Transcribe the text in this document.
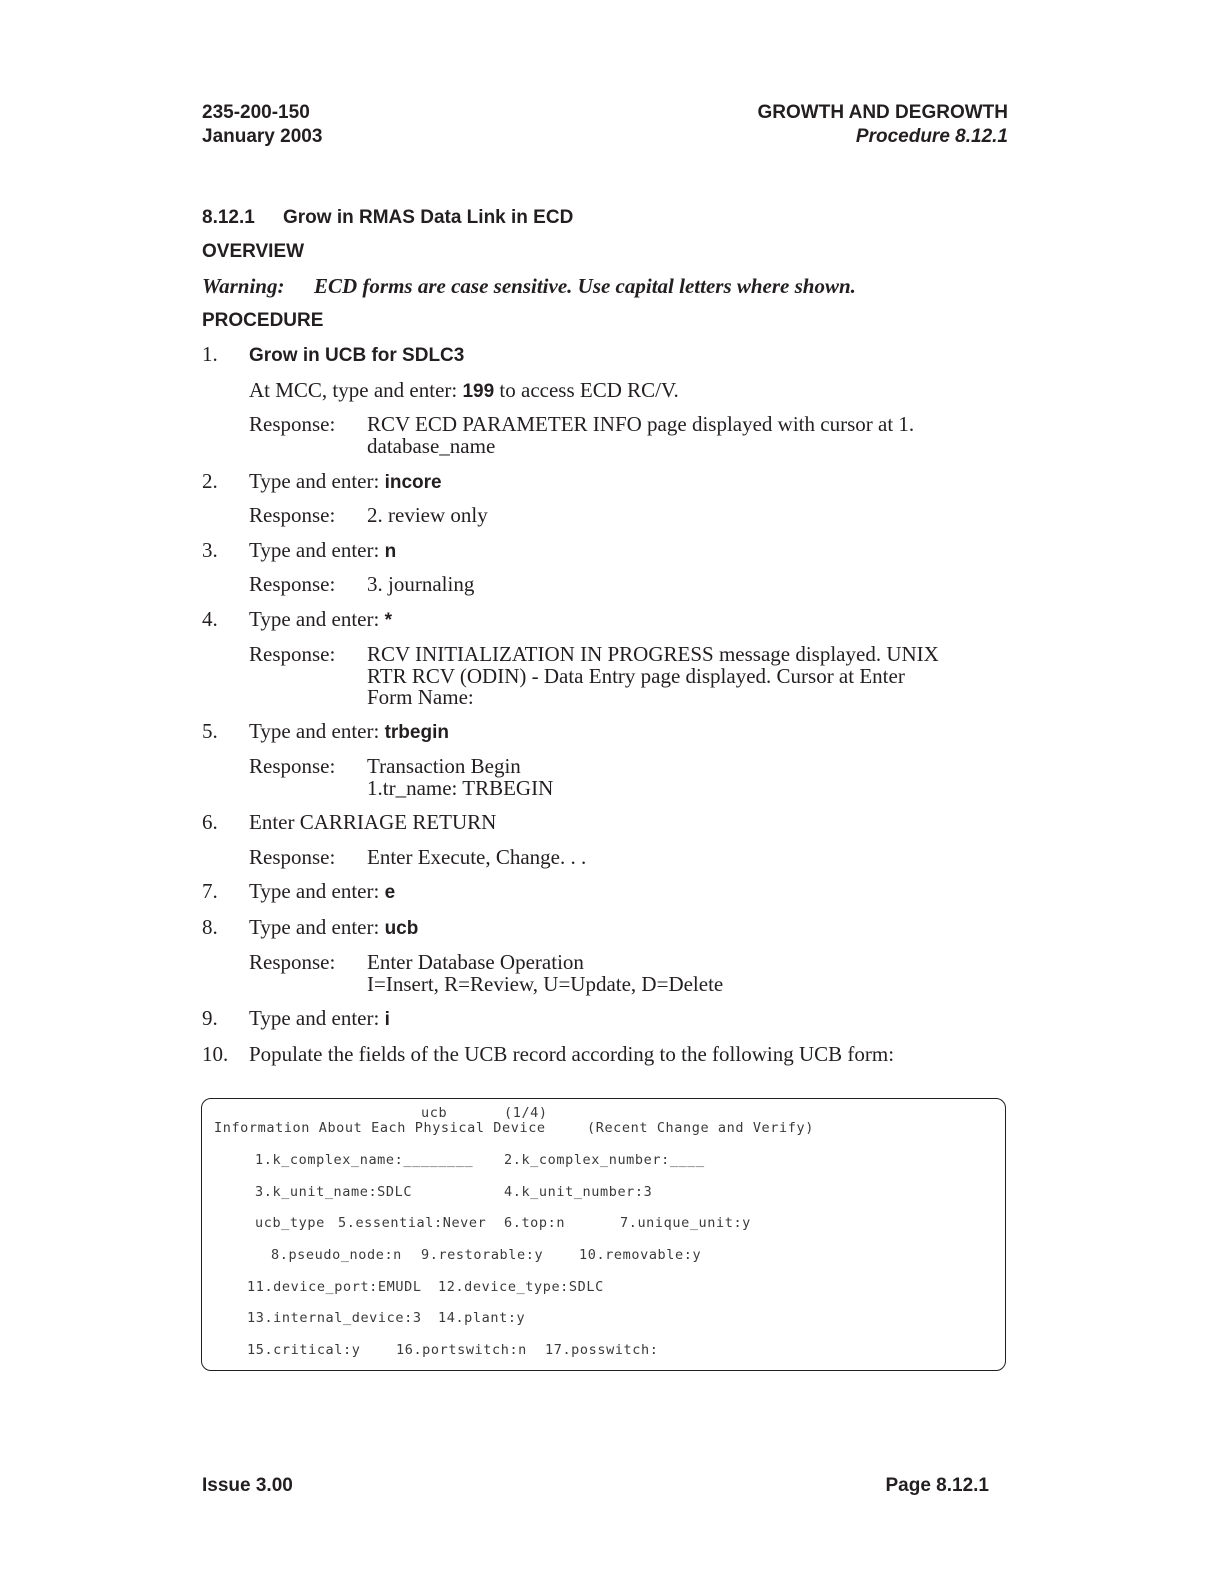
235-200-150
January 2003
GROWTH AND DEGROWTH
Procedure 8.12.1
8.12.1 Grow in RMAS Data Link in ECD
OVERVIEW
Warning: ECD forms are case sensitive. Use capital letters where shown.
PROCEDURE
1. Grow in UCB for SDLC3
At MCC, type and enter: 199 to access ECD RC/V.
Response:	RCV ECD PARAMETER INFO page displayed with cursor at 1.
database_name
2. Type and enter: incore
Response:	2. review only
3. Type and enter: n
Response:	3. journaling
4. Type and enter: *
Response:	RCV INITIALIZATION IN PROGRESS message displayed. UNIX
RTR RCV (ODIN) - Data Entry page displayed. Cursor at Enter
Form Name:
5. Type and enter: trbegin
Response:	Transaction Begin
1.tr_name: TRBEGIN
6. Enter CARRIAGE RETURN
Response:	Enter Execute, Change. . .
7. Type and enter: e
8. Type and enter: ucb
Response:	Enter Database Operation
I=Insert, R=Review, U=Update, D=Delete
9. Type and enter: i
10. Populate the fields of the UCB record according to the following UCB form:
ucb	(1/4)
Information About Each Physical Device	(Recent Change and Verify)
1.k_complex_name:________ 2.k_complex_number:____
3.k_unit_name:SDLC	4.k_unit_number:3
ucb_type 5.essential:Never 6.top:n	7.unique_unit:y
8.pseudo_node:n 9.restorable:y	10.removable:y
11.device_port:EMUDL 12.device_type:SDLC
13.internal_device:3 14.plant:y
15.critical:y	16.portswitch:n 17.posswitch:
Issue 3.00	Page 8.12.1
